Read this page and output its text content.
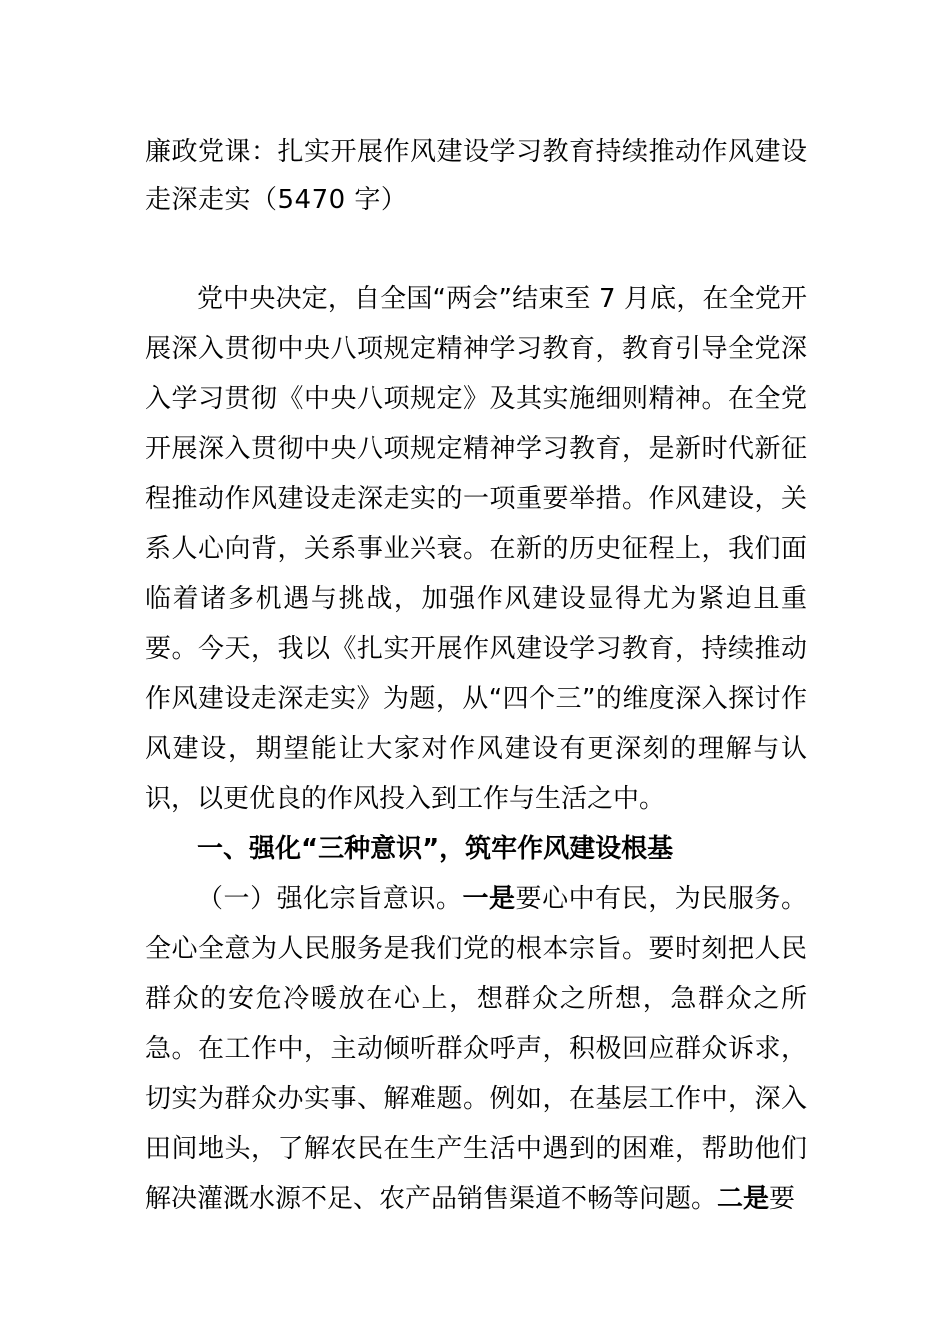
廉政党课：扎实开展作风建设学习教育持续推动作风建设走深走实（5470 字）

党中央决定，自全国“两会”结束至 7 月底，在全党开展深入贯彻中央八项规定精神学习教育，教育引导全党深入学习贯彻《中央八项规定》及其实施细则精神。在全党开展深入贯彻中央八项规定精神学习教育，是新时代新征程推动作风建设走深走实的一项重要举措。作风建设，关系人心向背，关系事业兴衰。在新的历史征程上，我们面临着诸多机遇与挑战，加强作风建设显得尤为紧迫且重要。今天，我以《扎实开展作风建设学习教育，持续推动作风建设走深走实》为题，从“四个三”的维度深入探讨作风建设，期望能让大家对作风建设有更深刻的理解与认识，以更优良的作风投入到工作与生活之中。

一、强化“三种意识”，筑牢作风建设根基

（一）强化宗旨意识。一是要心中有民，为民服务。全心全意为人民服务是我们党的根本宗旨。要时刻把人民群众的安危冷暖放在心上，想群众之所想，急群众之所急。在工作中，主动倾听群众呼声，积极回应群众诉求，切实为群众办实事、解难题。例如，在基层工作中，深入田间地头，了解农民在生产生活中遇到的困难，帮助他们解决灌溉水源不足、农产品销售渠道不畅等问题。二是要
